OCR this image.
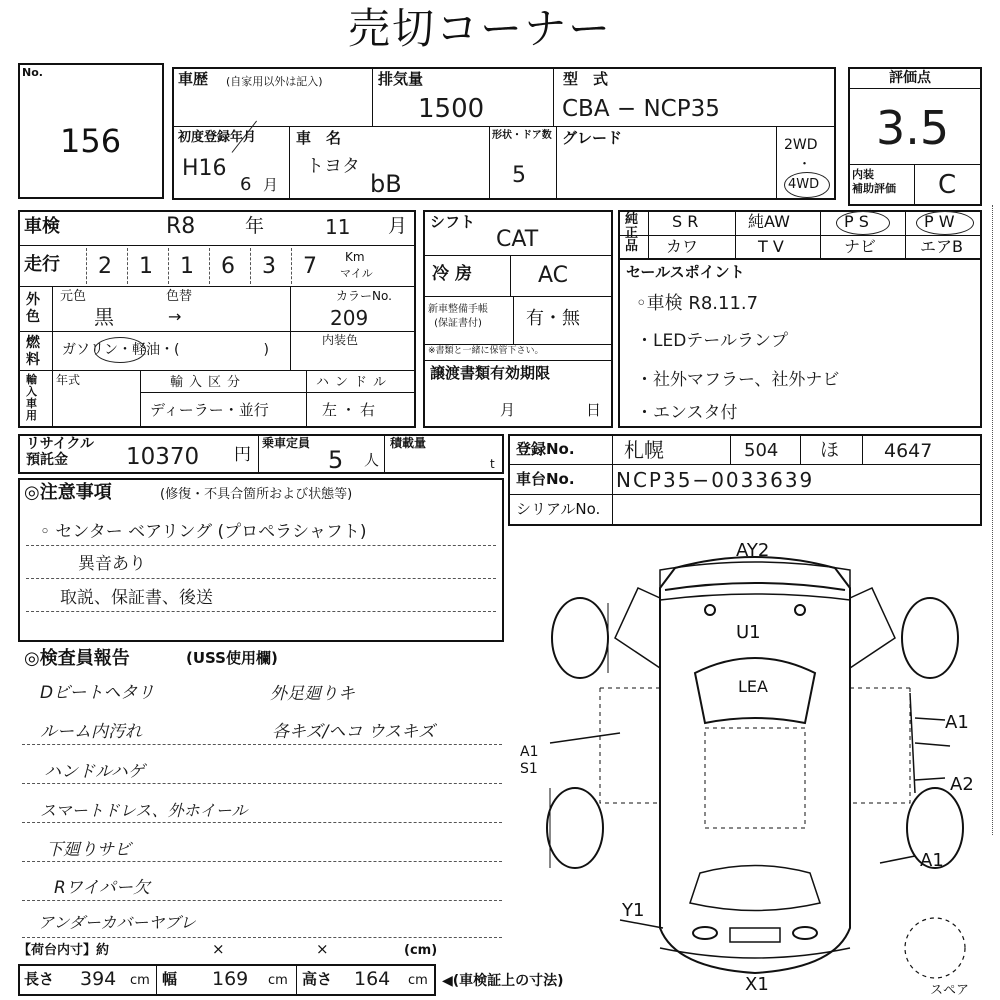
売切コーナー
No.
156
車歴 (自家用以外は記入)	排気量
1500
型　式
CBA − NCP35
初度登録年月
H16
6 月
車　名
トヨタ
bB
形状・ドア数
5
グレード	2WD
・
4WD
評価点
3.5
内装
補助評価 C
車検	R8	年	11 月
走行 2 1 1 6 3 7 Km
マイル
外色
元色	色替
黒	→
カラーNo.
209
内装色
燃料
ガソリン・軽油・(　　　　　　)
輸入車用
年式	輸入区分
ディーラー・並行
ハンドル
左・右
シフト
CAT
冷房	AC
新車整備手帳
(保証書付)	有・無
※書類と一緒に保管下さい。
譲渡書類有効期限
月	日
純正品
S R	純AW	P S	P W
カワ	T V	ナビ	エアB
セールスポイント
◦車検 R8.11.7
・LEDテールランプ
・社外マフラー、社外ナビ
・エンスタ付
リサイクル
預託金	10370 円
乗車定員
5 人
積載量
t
登録No. 札幌	504 ほ 4647
車台No. NCP35−0033639
シリアルNo.
◎注意事項	(修復・不具合箇所および状態等)
◦ センター ベアリング (プロペラシャフト)
異音あり
取説、保証書、後送
◎検査員報告	(USS使用欄)
Dビートヘタリ
ルーム内汚れ
ハンドルハゲ
スマートドレス、外ホイール
下廻りサビ
Rワイパー欠
アンダーカバーヤブレ
外足廻りキ
各キズ/ヘコ ウスキズ
【荷台内寸】約	×	×	(cm)
長さ 394 cm 幅 169 cm 高さ 164 cm ◀(車検証上の寸法)
AY2
U1
LEA
A1
A1
S1
A2
A1
Y1
X1	スペア
